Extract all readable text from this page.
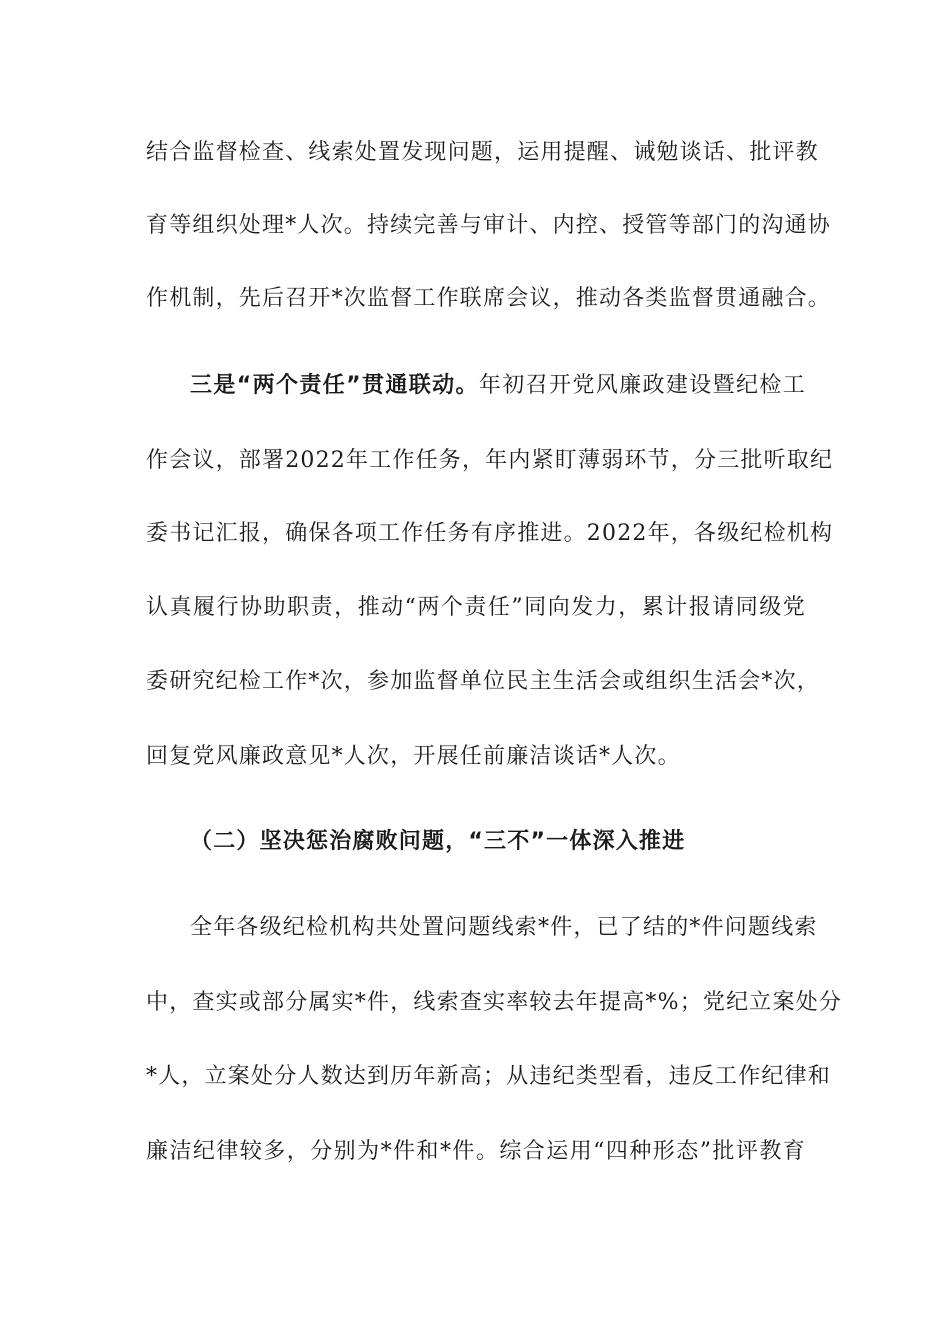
结合监督检查、线索处置发现问题，运用提醒、诫勉谈话、批评教
育等组织处理*人次。持续完善与审计、内控、授管等部门的沟通协
作机制，先后召开*次监督工作联席会议，推动各类监督贯通融合。
三是“两个责任”贯通联动。年初召开党风廉政建设暨纪检工
作会议，部署2022年工作任务，年内紧盯薄弱环节，分三批听取纪
委书记汇报，确保各项工作任务有序推进。2022年，各级纪检机构
认真履行协助职责，推动“两个责任”同向发力，累计报请同级党
委研究纪检工作*次，参加监督单位民主生活会或组织生活会*次，
回复党风廉政意见*人次，开展任前廉洁谈话*人次。
（二）坚决惩治腐败问题，“三不”一体深入推进
全年各级纪检机构共处置问题线索*件，已了结的*件问题线索
中，查实或部分属实*件，线索查实率较去年提高*%；党纪立案处分
*人，立案处分人数达到历年新高；从违纪类型看，违反工作纪律和
廉洁纪律较多，分别为*件和*件。综合运用“四种形态”批评教育
